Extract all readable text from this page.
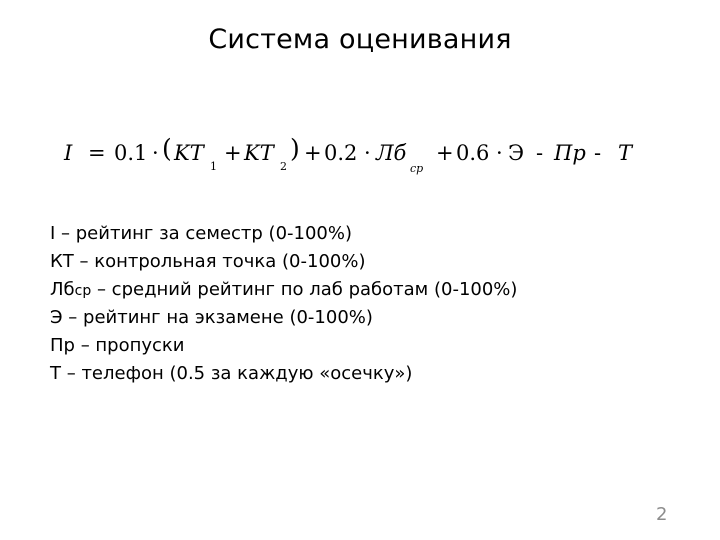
Система оценивания
I = 0.1 · ( KT
1
+ KT
2
) + 0.2 · Лб
ср
+ 0.6 · Э - Пр - Т
I – рейтинг за семестр (0-100%)
КТ – контрольная точка (0-100%)
Лбср – средний рейтинг по лаб работам (0-100%)
Э – рейтинг на экзамене (0-100%)
Пр – пропуски
Т – телефон (0.5 за каждую «осечку»)
2
